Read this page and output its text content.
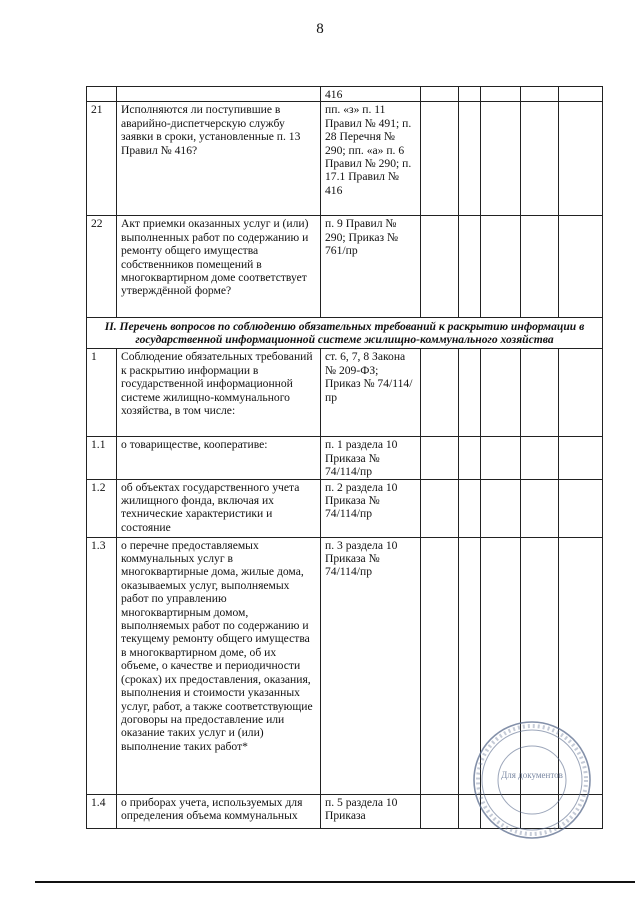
8
		416					
21	Исполняются ли поступившие в аварийно-диспетчерскую службу заявки в сроки, установленные п. 13 Правил № 416?	пп. «з» п. 11 Правил № 491; п. 28 Перечня № 290; пп. «а» п. 6 Правил № 290; п. 17.1 Правил № 416					
22	Акт приемки оказанных услуг и (или) выполненных работ по содержанию и ремонту общего имущества собственников помещений в многоквартирном доме соответствует утверждённой форме?	п. 9 Правил № 290; Приказ № 761/пр					
II. Перечень вопросов по соблюдению обязательных требований к раскрытию информации в государственной информационной системе жилищно-коммунального хозяйства							
1	Соблюдение обязательных требований к раскрытию информации в государственной информационной системе жилищно-коммунального хозяйства, в том числе:	ст. 6, 7, 8 Закона № 209-ФЗ; Приказ № 74/114/пр					
1.1	о товариществе, кооперативе:	п. 1 раздела 10 Приказа № 74/114/пр					
1.2	об объектах государственного учета жилищного фонда, включая их технические характеристики и состояние	п. 2 раздела 10 Приказа № 74/114/пр					
1.3	о перечне предоставляемых коммунальных услуг в многоквартирные дома, жилые дома, оказываемых услуг, выполняемых работ по управлению многоквартирным домом, выполняемых работ по содержанию и текущему ремонту общего имущества в многоквартирном доме, об их объеме, о качестве и периодичности (сроках) их предоставления, оказания, выполнения и стоимости указанных услуг, работ, а также соответствующие договоры на предоставление или оказание таких услуг и (или) выполнение таких работ*	п. 3 раздела 10 Приказа № 74/114/пр					
1.4	о приборах учета, используемых для определения объема коммунальных	п. 5 раздела 10 Приказа					
Для документов
